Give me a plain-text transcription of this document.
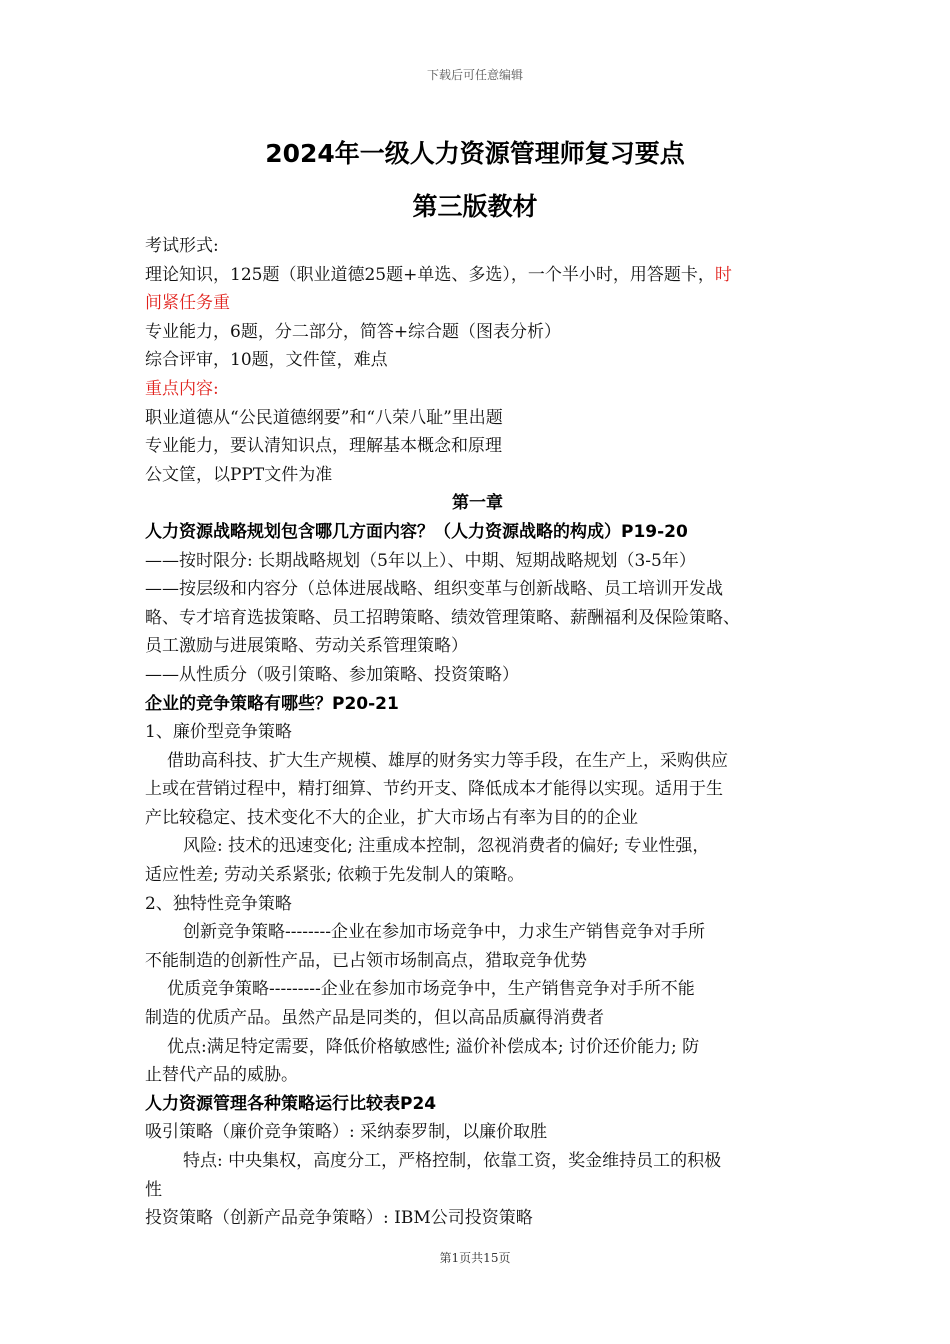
下载后可任意编辑
2024年一级人力资源管理师复习要点
第三版教材

考试形式:

理论知识，125题（职业道德25题+单选、多选），一个半小时，用答题卡，时

间紧任务重

专业能力，6题，分二部分，简答+综合题（图表分析）

综合评审，10题，文件筐，难点

重点内容:

职业道德从“公民道德纲要”和“八荣八耻”里出题

专业能力，要认清知识点，理解基本概念和原理

公文筐，以PPT文件为准

第一章

人力资源战略规划包含哪几方面内容？（人力资源战略的构成）P19-20

——按时限分: 长期战略规划（5年以上）、中期、短期战略规划（3-5年）

——按层级和内容分（总体进展战略、组织变革与创新战略、员工培训开发战

略、专才培育选拔策略、员工招聘策略、绩效管理策略、薪酬福利及保险策略、

员工激励与进展策略、劳动关系管理策略）

——从性质分（吸引策略、参加策略、投资策略）

企业的竞争策略有哪些？P20-21

1、廉价型竞争策略

借助高科技、扩大生产规模、雄厚的财务实力等手段，在生产上，采购供应

上或在营销过程中，精打细算、节约开支、降低成本才能得以实现。适用于生

产比较稳定、技术变化不大的企业，扩大市场占有率为目的的企业

风险: 技术的迅速变化; 注重成本控制，忽视消费者的偏好; 专业性强，

适应性差; 劳动关系紧张; 依赖于先发制人的策略。

2、独特性竞争策略

创新竞争策略--------企业在参加市场竞争中，力求生产销售竞争对手所

不能制造的创新性产品，已占领市场制高点，猎取竞争优势

优质竞争策略---------企业在参加市场竞争中，生产销售竞争对手所不能

制造的优质产品。虽然产品是同类的，但以高品质赢得消费者

优点:满足特定需要，降低价格敏感性; 溢价补偿成本; 讨价还价能力; 防

止替代产品的威胁。

人力资源管理各种策略运行比较表P24

吸引策略（廉价竞争策略）: 采纳泰罗制，以廉价取胜

特点: 中央集权，高度分工，严格控制，依靠工资，奖金维持员工的积极

性

投资策略（创新产品竞争策略）: IBM公司投资策略

第1页共15页
